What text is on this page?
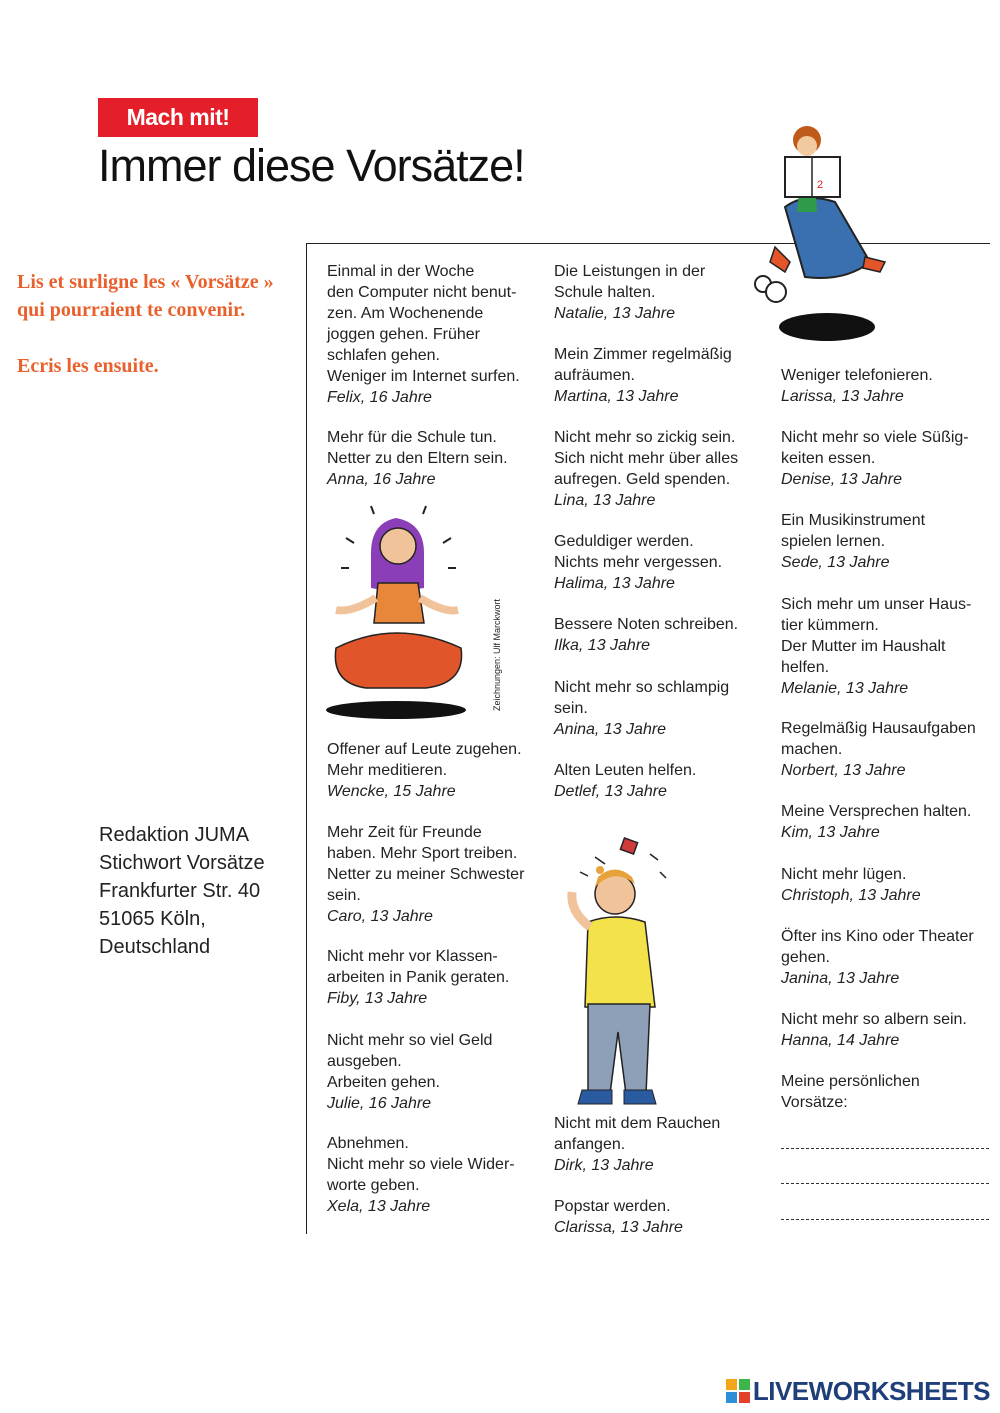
Mach mit!
Immer diese Vorsätze!

Lis et surligne les « Vorsätze »

qui pourraient te convenir.

Ecris les ensuite.

Redaktion JUMA
Stichwort Vorsätze
Frankfurter Str. 40
51065 Köln,
Deutschland
2
Zeichnungen: Ulf Marckwort
Einmal in der Woche
den Computer nicht benut-
zen. Am Wochenende
joggen gehen. Früher
schlafen gehen.
Weniger im Internet surfen.
Felix, 16 Jahre
Mehr für die Schule tun.
Netter zu den Eltern sein.
Anna, 16 Jahre
Offener auf Leute zugehen.
Mehr meditieren.
Wencke, 15 Jahre
Mehr Zeit für Freunde
haben. Mehr Sport treiben.
Netter zu meiner Schwester
sein.
Caro, 13 Jahre
Nicht mehr vor Klassen-
arbeiten in Panik geraten.
Fiby, 13 Jahre
Nicht mehr so viel Geld
ausgeben.
Arbeiten gehen.
Julie, 16 Jahre
Abnehmen.
Nicht mehr so viele Wider-
worte geben.
Xela, 13 Jahre
Die Leistungen in der
Schule halten.
Natalie, 13 Jahre
Mein Zimmer regelmäßig
aufräumen.
Martina, 13 Jahre
Nicht mehr so zickig sein.
Sich nicht mehr über alles
aufregen. Geld spenden.
Lina, 13 Jahre
Geduldiger werden.
Nichts mehr vergessen.
Halima, 13 Jahre
Bessere Noten schreiben.
Ilka, 13 Jahre
Nicht mehr so schlampig
sein.
Anina, 13 Jahre
Alten Leuten helfen.
Detlef, 13 Jahre
Nicht mit dem Rauchen
anfangen.
Dirk, 13 Jahre
Popstar werden.
Clarissa, 13 Jahre
Weniger telefonieren.
Larissa, 13 Jahre
Nicht mehr so viele Süßig-
keiten essen.
Denise, 13 Jahre
Ein Musikinstrument
spielen lernen.
Sede, 13 Jahre
Sich mehr um unser Haus-
tier kümmern.
Der Mutter im Haushalt
helfen.
Melanie, 13 Jahre
Regelmäßig Hausaufgaben
machen.
Norbert, 13 Jahre
Meine Versprechen halten.
Kim, 13 Jahre
Nicht mehr lügen.
Christoph, 13 Jahre
Öfter ins Kino oder Theater
gehen.
Janina, 13 Jahre
Nicht mehr so albern sein.
Hanna, 14 Jahre
Meine persönlichen
Vorsätze:
LIVEWORKSHEETS
